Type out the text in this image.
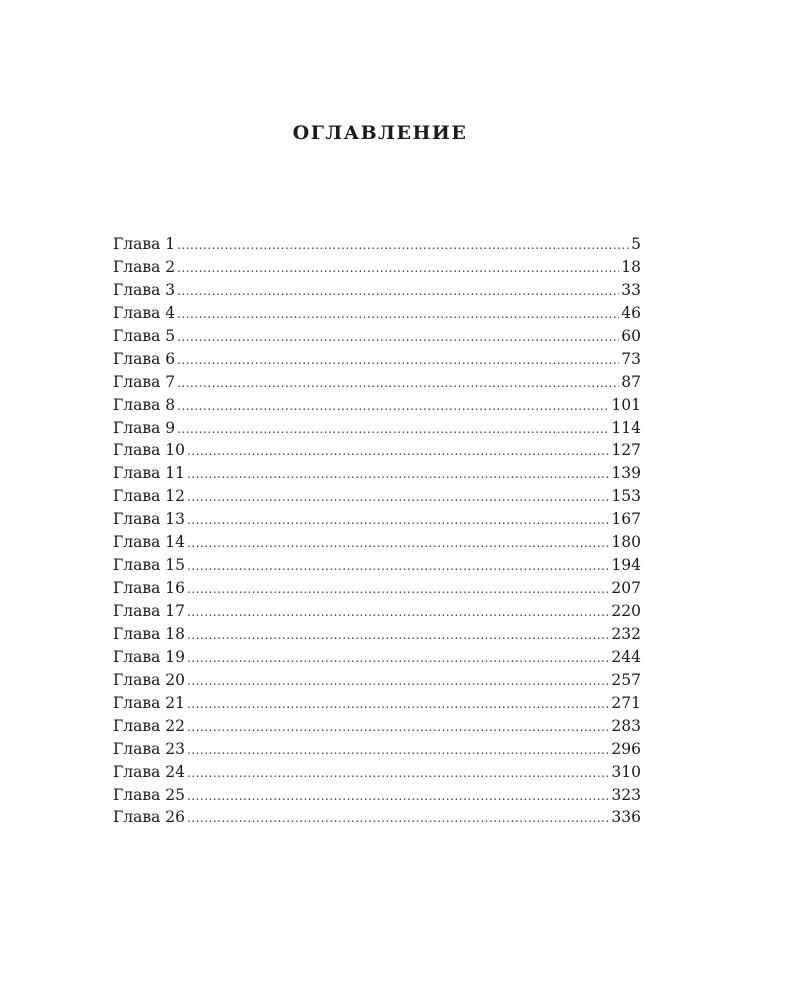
ОГЛАВЛЕНИЕ
Глава 1 .....	5
Глава 2 .....	18
Глава 3 .....	33
Глава 4 .....	46
Глава 5 .....	60
Глава 6 .....	73
Глава 7 .....	87
Глава 8 .....	101
Глава 9 .....	114
Глава 10 .....	127
Глава 11 .....	139
Глава 12 .....	153
Глава 13 .....	167
Глава 14 .....	180
Глава 15 .....	194
Глава 16 .....	207
Глава 17 .....	220
Глава 18 .....	232
Глава 19 .....	244
Глава 20 .....	257
Глава 21 .....	271
Глава 22 .....	283
Глава 23 .....	296
Глава 24 .....	310
Глава 25 .....	323
Глава 26 .....	336
